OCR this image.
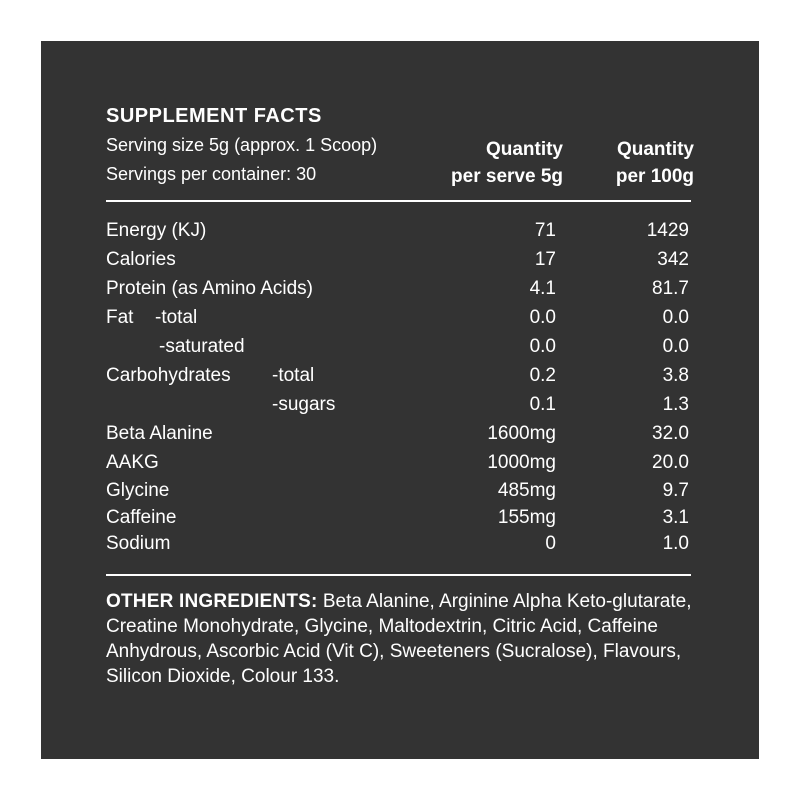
SUPPLEMENT FACTS
Serving size 5g (approx. 1 Scoop)
Servings per container: 30
Quantity
per serve 5g
Quantity
per 100g
Energy (KJ)	71	1429
Calories	17	342
Protein (as Amino Acids)	4.1	81.7
Fat -total	0.0	0.0
-saturated	0.0	0.0
Carbohydrates -total	0.2	3.8
-sugars	0.1	1.3
Beta Alanine	1600mg	32.0
AAKG	1000mg	20.0
Glycine	485mg	9.7
Caffeine	155mg	3.1
Sodium	0	1.0
OTHER INGREDIENTS: Beta Alanine, Arginine Alpha Keto-glutarate, Creatine Monohydrate, Glycine, Maltodextrin, Citric Acid, Caffeine Anhydrous, Ascorbic Acid (Vit C), Sweeteners (Sucralose), Flavours, Silicon Dioxide, Colour 133.
